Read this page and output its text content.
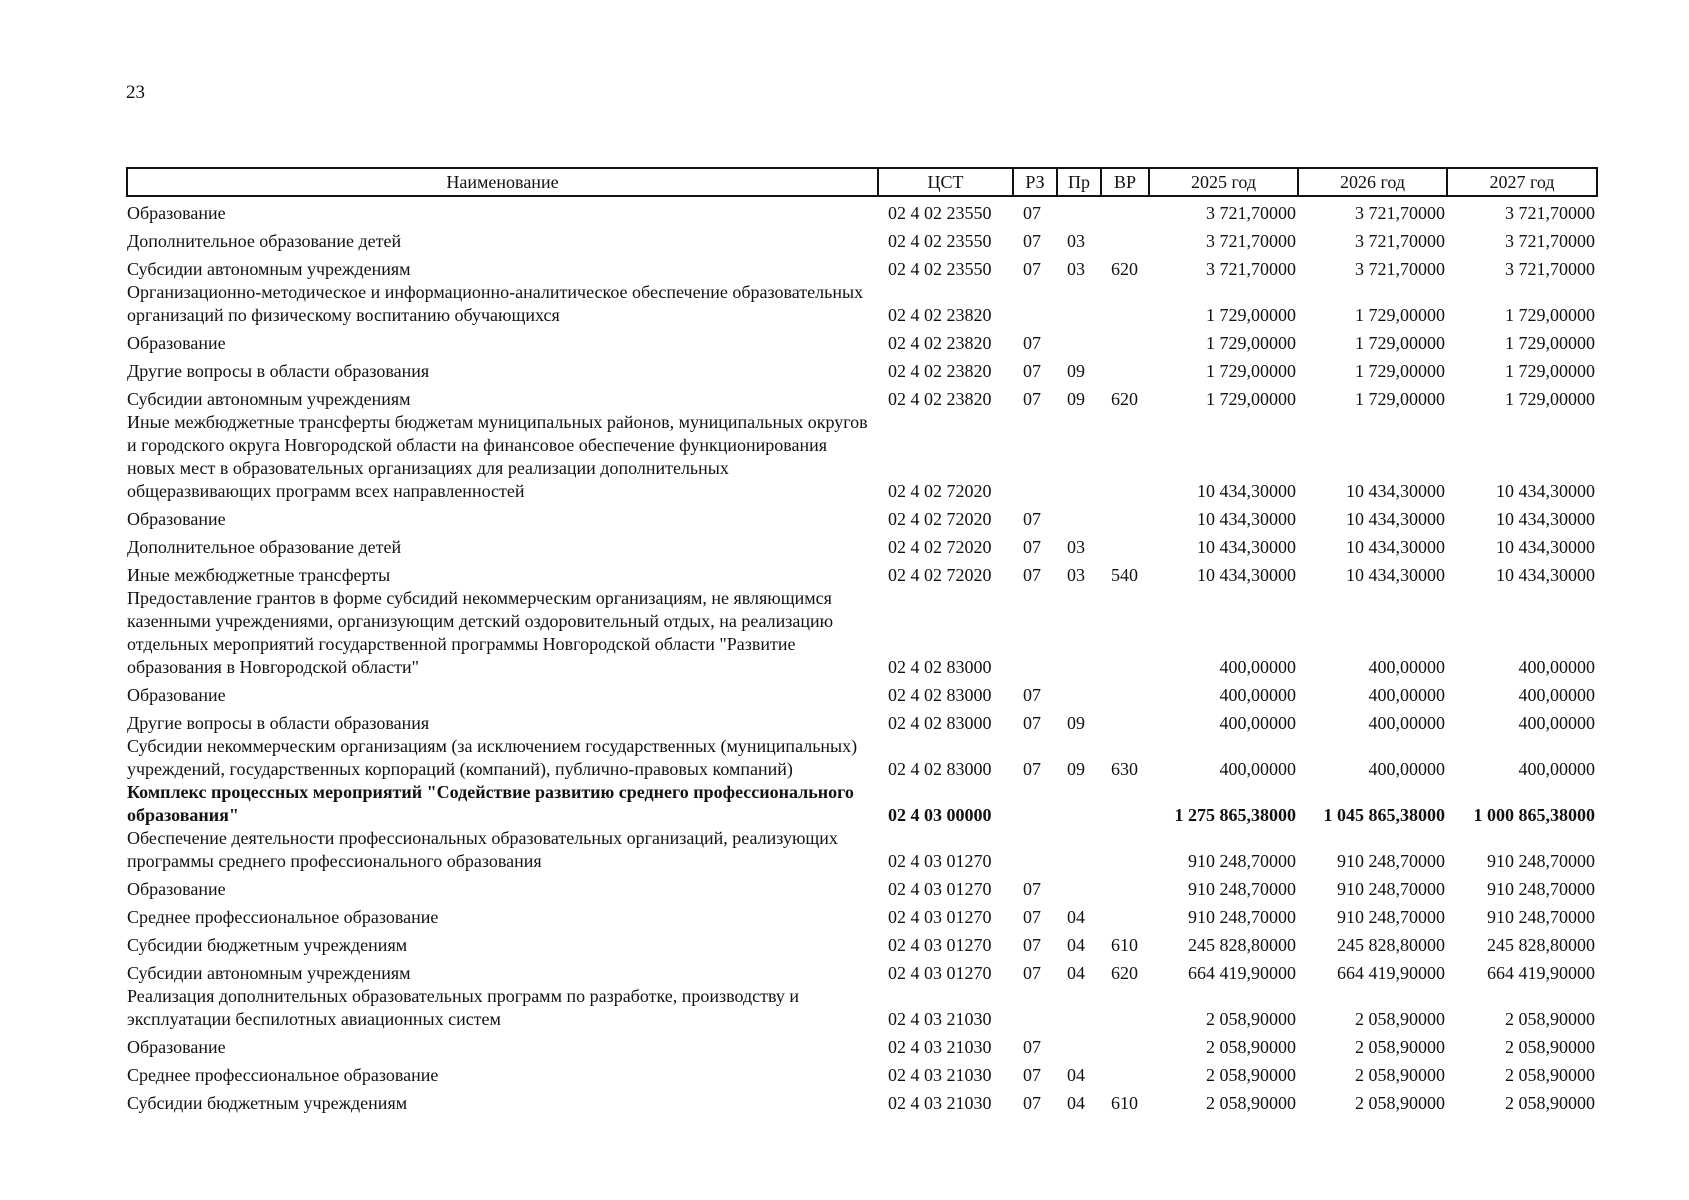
23
Наименование	ЦСТ	РЗ	Пр	ВР	2025 год	2026 год	2027 год
Образование	02 4 02 23550	07			3 721,70000	3 721,70000	3 721,70000
Дополнительное образование детей	02 4 02 23550	07	03		3 721,70000	3 721,70000	3 721,70000
Субсидии автономным учреждениям	02 4 02 23550	07	03	620	3 721,70000	3 721,70000	3 721,70000
Организационно-методическое и информационно-аналитическое обеспечение образовательных организаций по физическому воспитанию обучающихся	02 4 02 23820				1 729,00000	1 729,00000	1 729,00000
Образование	02 4 02 23820	07			1 729,00000	1 729,00000	1 729,00000
Другие вопросы в области образования	02 4 02 23820	07	09		1 729,00000	1 729,00000	1 729,00000
Субсидии автономным учреждениям	02 4 02 23820	07	09	620	1 729,00000	1 729,00000	1 729,00000
Иные межбюджетные трансферты бюджетам муниципальных районов, муниципальных округов и городского округа Новгородской области на финансовое обеспечение функционирования новых мест в образовательных организациях для реализации дополнительных общеразвивающих программ всех направленностей	02 4 02 72020				10 434,30000	10 434,30000	10 434,30000
Образование	02 4 02 72020	07			10 434,30000	10 434,30000	10 434,30000
Дополнительное образование детей	02 4 02 72020	07	03		10 434,30000	10 434,30000	10 434,30000
Иные межбюджетные трансферты	02 4 02 72020	07	03	540	10 434,30000	10 434,30000	10 434,30000
Предоставление грантов в форме субсидий некоммерческим организациям, не являющимся казенными учреждениями, организующим детский оздоровительный отдых, на реализацию отдельных мероприятий государственной программы Новгородской области "Развитие образования в Новгородской области"	02 4 02 83000				400,00000	400,00000	400,00000
Образование	02 4 02 83000	07			400,00000	400,00000	400,00000
Другие вопросы в области образования	02 4 02 83000	07	09		400,00000	400,00000	400,00000
Субсидии некоммерческим организациям (за исключением государственных (муниципальных) учреждений, государственных корпораций (компаний), публично-правовых компаний)	02 4 02 83000	07	09	630	400,00000	400,00000	400,00000
Комплекс процессных мероприятий "Содействие развитию среднего профессионального образования"	02 4 03 00000				1 275 865,38000	1 045 865,38000	1 000 865,38000
Обеспечение деятельности профессиональных образовательных организаций, реализующих программы среднего профессионального образования	02 4 03 01270				910 248,70000	910 248,70000	910 248,70000
Образование	02 4 03 01270	07			910 248,70000	910 248,70000	910 248,70000
Среднее профессиональное образование	02 4 03 01270	07	04		910 248,70000	910 248,70000	910 248,70000
Субсидии бюджетным учреждениям	02 4 03 01270	07	04	610	245 828,80000	245 828,80000	245 828,80000
Субсидии автономным учреждениям	02 4 03 01270	07	04	620	664 419,90000	664 419,90000	664 419,90000
Реализация дополнительных образовательных программ по разработке, производству и эксплуатации беспилотных авиационных систем	02 4 03 21030				2 058,90000	2 058,90000	2 058,90000
Образование	02 4 03 21030	07			2 058,90000	2 058,90000	2 058,90000
Среднее профессиональное образование	02 4 03 21030	07	04		2 058,90000	2 058,90000	2 058,90000
Субсидии бюджетным учреждениям	02 4 03 21030	07	04	610	2 058,90000	2 058,90000	2 058,90000
